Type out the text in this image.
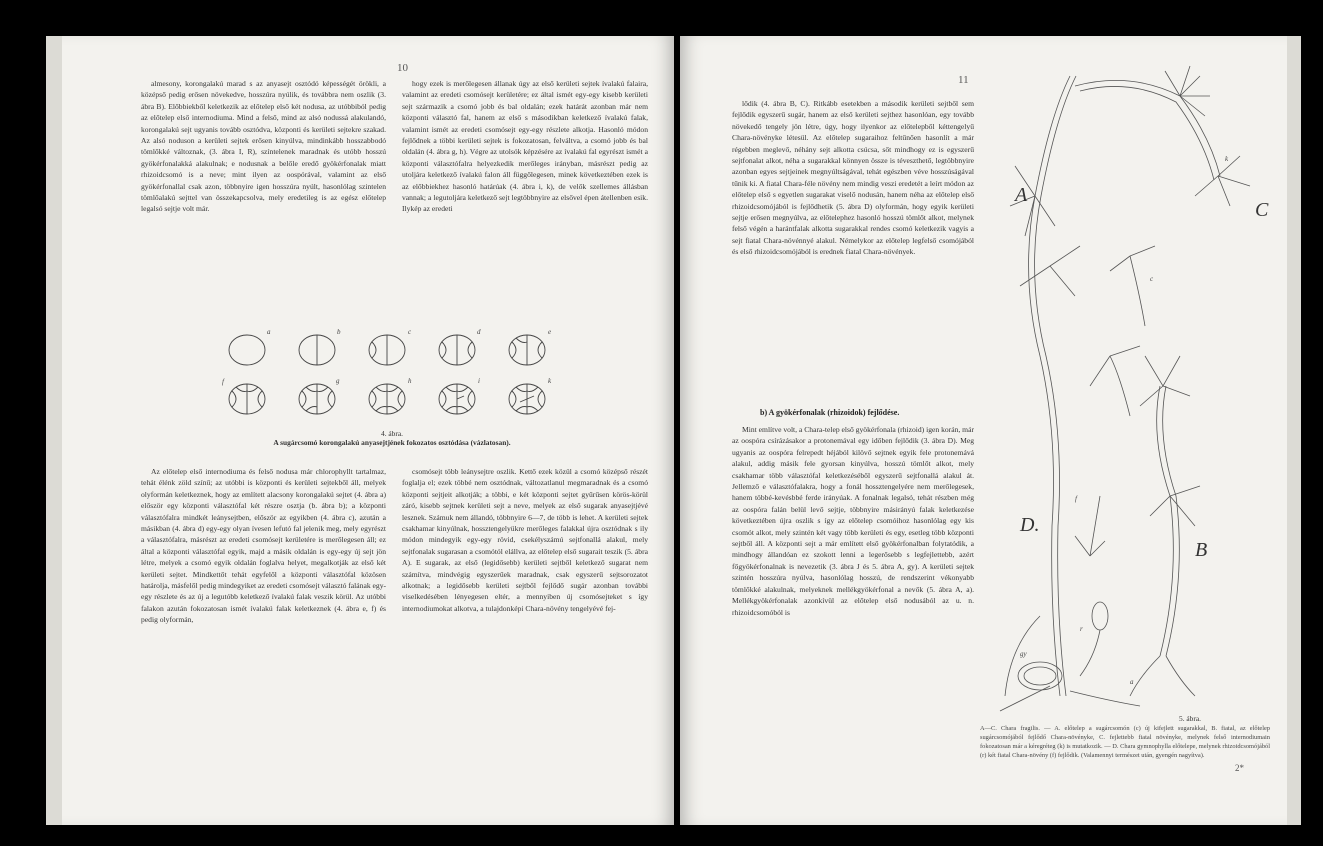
10

almesony, korongalakú marad s az anyasejt osztódó képességét örökli, a középső pedig erősen növekedve, hosszúra nyúlik, és továbbra nem oszlik (3. ábra B). Előbbiekből keletkezik az előtelep első két nodusa, az utóbbiból pedig az előtelep első internodiuma. Mind a felső, mind az alsó nodussá alakulandó, korongalakú sejt ugyanis tovább osztódva, központi és kerületi sejtekre szakad. Az alsó noduson a kerületi sejtek erősen kinyúlva, mindinkább hosszabbodó tömlőkké változnak, (3. ábra I, R), színtelenek maradnak és utóbb hosszú gyökérfonalakká alakulnak; e nodusnak a belőle eredő gyökérfonalak miatt rhizoidcsomó is a neve; mint ilyen az oospórával, valamint az első gyökérfonallal csak azon, többnyire igen hosszúra nyúlt, hasonlólag szintelen tömlőalakú sejttel van összekapcsolva, mely eredetileg is az egész előtelep legalsó sejtje volt már.

hogy ezek is merőlegesen állanak úgy az első kerületi sejtek ívalakú falaira, valamint az eredeti csomósejt kerületére; ez által ismét egy-egy kisebb kerületi sejt származik a csomó jobb és bal oldalán; ezek határát azonban már nem központi választó fal, hanem az első s másodikban keletkező ívalakú falak, valamint ismét az eredeti csomósejt egy-egy részlete alkotja. Hasonló módon fejlődnek a többi kerületi sejtek is fokozatosan, felváltva, a csomó jobb és bal oldalán (4. ábra g, h). Végre az utolsók képzésére az ívalakú fal egyrészt ismét a központi választófalra helyezkedik merőleges irányban, másrészt pedig az utoljára keletkező ívalakú falon áll függőlegesen, minek következtében ezek is az előbbiekhez hasonló határúak (4. ábra i, k), de velők szellemes állásban vannak; a legutoljára keletkező sejt legtöbbnyire az elsővel épen átellenben esik. Ilykép az eredeti

a	b	c	d	e
f	g	h	i	k
4. ábra.
A sugárcsomó korongalakú anyasejtjének fokozatos osztódása (vázlatosan).

Az előtelep első internodiuma és felső nodusa már chlorophyllt tartalmaz, tehát élénk zöld színű; az utóbbi is központi és kerületi sejtekből áll, melyek olyformán keletkeznek, hogy az említett alacsony korongalakú sejtet (4. ábra a) először egy központi választófal két részre osztja (b. ábra b); a központi választófalra mindkét leánysejtben, először az egyikben (4. ábra c), azután a másikban (4. ábra d) egy-egy olyan ívesen lefutó fal jelenik meg, mely egyrészt a választófalra, másrészt az eredeti csomósejt kerületére is merőlegesen áll; ez által a központi választófal egyik, majd a másik oldalán is egy-egy új sejt jön létre, melyek a csomó egyik oldalán foglalva helyet, megalkotják az első két kerületi sejtet. Mindkettőt tehát egyfelől a központi választófal közösen határolja, másfelől pedig mindegyiket az eredeti csomósejt választó falának egy-egy részlete és az új a legutóbb keletkező ívalakú falak veszik körül. Az utóbbi falakon azután fokozatosan ismét ívalakú falak keletkeznek (4. ábra e, f) és pedig olyformán,

csomósejt több leánysejtre oszlik. Kettő ezek közül a csomó középső részét foglalja el; ezek többé nem osztódnak, változatlanul megmaradnak és a csomó központi sejtjeit alkotják; a többi, e két központi sejtet gyűrűsen körös-körül záró, kisebb sejtnek kerületi sejt a neve, melyek az első sugarak anyasejtjévé lesznek. Számuk nem állandó, többnyire 6—7, de több is lehet. A kerületi sejtek csakhamar kinyúlnak, hossztengelyükre merőleges falakkal újra osztódnak s ily módon mindegyik egy-egy rövid, csekélyszámú sejtfonallá alakul, mely sejtfonalak sugarasan a csomótól elállva, az előtelep első sugarait teszik (5. ábra A). E sugarak, az első (legidősebb) kerületi sejtből keletkező sugarat nem számítva, mindvégig egyszerűek maradnak, csak egyszerű sejtsorozatot alkotnak; a legidősebb kerületi sejtből fejlődő sugár azonban további viselkedésében lényegesen eltér, a mennyiben új csomósejteket s így internodiumokat alkotva, a tulajdonképi Chara-növény tengelyévé fej-

11

lődik (4. ábra B, C). Ritkább esetekben a második kerületi sejtből sem fejlődik egyszerű sugár, hanem az első kerületi sejthez hasonlóan, egy tovább növekedő tengely jön létre, úgy, hogy ilyenkor az előtelepből kéttengelyű Chara-növényke létesül. Az előtelep sugaraihoz feltűnően hasonlít a már régebben meglevő, néhány sejt alkotta csúcsa, sőt mindhogy ez is egyszerű sejtfonalat alkot, néha a sugarakkal könnyen össze is téveszthető, legtöbbnyire azonban egyes sejtjeinek megnyúltságával, tehát egészben véve hosszúságával tűnik ki. A fiatal Chara-féle növény nem mindig veszi eredetét a leírt módon az előtelep első s egyetlen sugarakat viselő nodusán, hanem néha az előtelep első rhizoidcsomójából is fejlődhetik (5. ábra D) olyformán, hogy egyik kerületi sejtje erősen megnyúlva, az előtelephez hasonló hosszú tömlőt alkot, melynek felső végén a harántfalak alkotta sugarakkal rendes csomó keletkezik vagyis a sejt fiatal Chara-növénnyé alakul. Némelykor az előtelep legfelső csomójából és első rhizoidcsomójából is erednek fiatal Chara-növények.

b) A gyökérfonalak (rhizoidok) fejlődése.

Mint említve volt, a Chara-telep első gyökérfonala (rhizoid) igen korán, már az oospóra csírázásakor a protonemával egy időben fejlődik (3. ábra D). Meg ugyanis az oospóra felrepedt héjából kilövő sejtnek egyik fele protonemává alakul, addig másik fele gyorsan kinyúlva, hosszú tömlőt alkot, mely csakhamar több választófal keletkezéséből egyszerű sejtfonallá alakul át. Jellemző e választófalakra, hogy a fonál hossztengelyére nem merőlegesek, hanem többé-kevésbbé ferde irányúak. A fonalnak legalsó, tehát részben még az oospóra falán belül levő sejtje, többnyire másirányú falak keletkezése következtében újra oszlik s így az előtelep csomóihoz hasonlólag egy kis csomót alkot, mely szintén két vagy több kerületi és egy, esetleg több központi sejtből áll. A központi sejt a már említett első gyökérfonalban folytatódik, a mindhogy állandóan ez szokott lenni a legerősebb s legfejlettebb, azért főgyökérfonalnak is nevezetik (3. ábra J és 5. ábra A, gy). A kerületi sejtek szintén hosszúra nyúlva, hasonlólag hosszú, de rendszerint vékonyabb tömlőkké alakulnak, melyeknek mellékgyökérfonal a nevők (5. ábra A, a). Mellékgyökérfonalak azonkívül az előtelep első nodusából az u. n. rhizoidcsomóból is

A
C
B
D.
c
k
f
r
gy
a
5. ábra.
A—C. Chara fragilis. — A. előtelep a sugárcsomón (c) új kifejlett sugarakkal, B. fiatal, az előtelep sugárcsomójából fejlődő Chara-növényke, C. fejlettebb fiatal növényke, melynek felső internodiumain fokozatosan már a kéregréteg (k) is mutatkozik. — D. Chara gymnophylla előtelepe, melynek rhizoidcsomójából (r) két fiatal Chara-növény (f) fejlődik. (Valamennyi természet után, gyengén nagyítva).
2*
